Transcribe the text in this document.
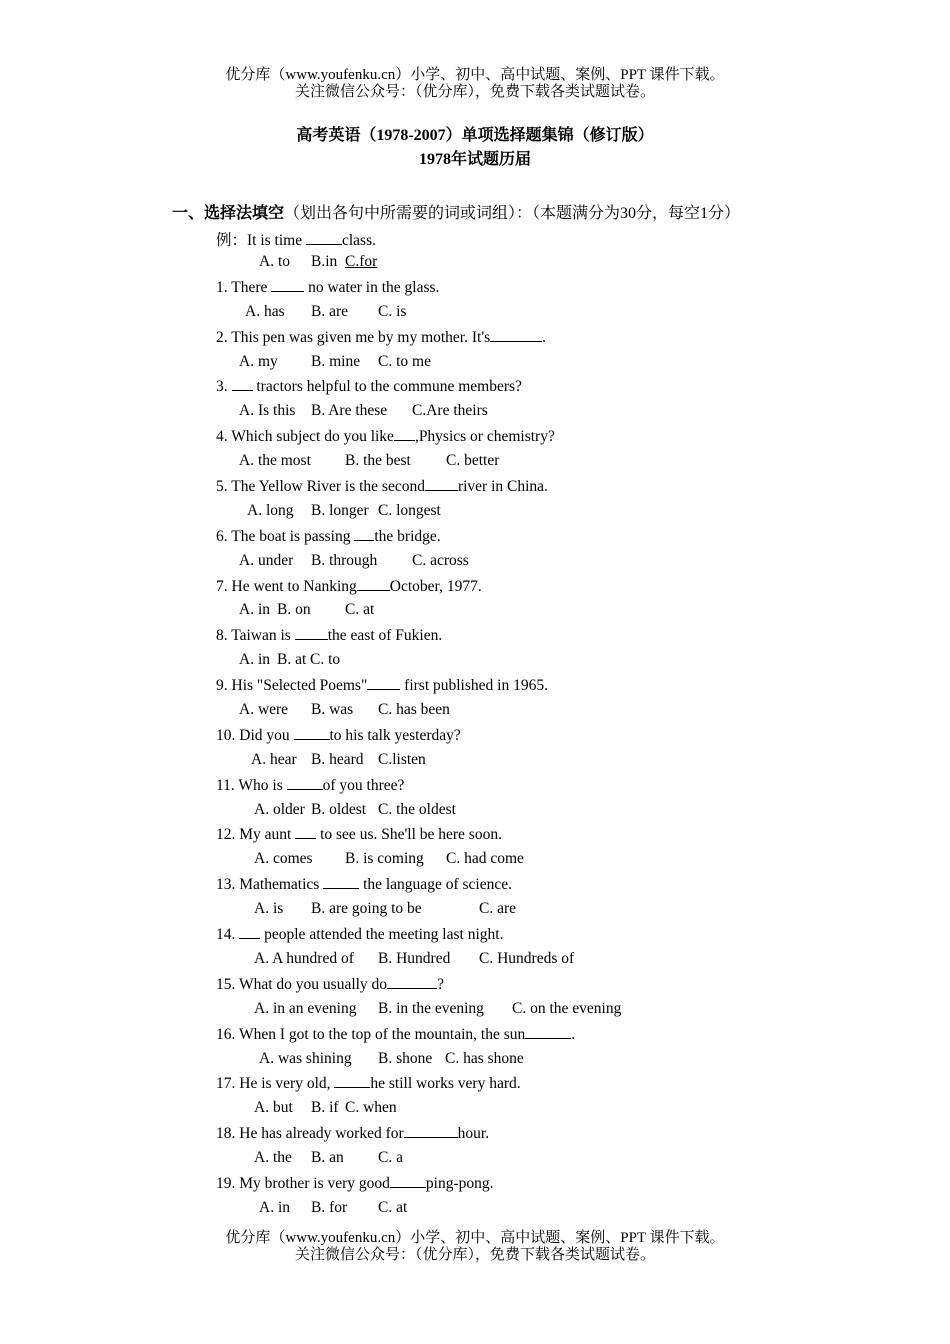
优分库（www.youfenku.cn）小学、初中、高中试题、案例、PPT 课件下载。
关注微信公众号：（优分库），免费下载各类试题试卷。
高考英语（1978-2007）单项选择题集锦（修订版）
1978年试题历届
一、选择法填空（划出各句中所需要的词或词组）：（本题满分为30分，每空1分）
例：It is time class.
A. to B.in C.for
1. There  no water in the glass.
A. has B. are C. is
2. This pen was given me by my mother. It's	.
A. my B. mine C. to me
3.  tractors helpful to the commune members?
A. Is this B. Are these C.Are theirs
4. Which subject do you like ,Physics or chemistry?
A. the most B. the best C. better
5. The Yellow River is the second river in China.
A. long B. longer C. longest
6. The boat is passing the bridge.
A. under B. through C. across
7. He went to Nanking October, 1977.
A. in B. on C. at
8. Taiwan is the east of Fukien.
A. in B. at C. to
9. His "Selected Poems" first published in 1965.
A. were B. was C. has been
10. Did you to his talk yesterday?
A. hear B. heard C.listen
11. Who is of you three?
A. older B. oldest C. the oldest
12. My aunt  to see us. She'll be here soon.
A. comes B. is coming C. had come
13. Mathematics  the language of science.
A. is B. are going to be	C. are
14.  people attended the meeting last night.
A. A hundred of B. Hundred C. Hundreds of
15. What do you usually do	?
A. in an evening B. in the evening C. on the evening
16. When I got to the top of the mountain, the sun	.
A. was shining B. shone C. has shone
17. He is very old, he still works very hard.
A. but B. if C. when
18. He has already worked for	hour.
A. the B. an C. a
19. My brother is very good ping-pong.
A. in B. for C. at
优分库（www.youfenku.cn）小学、初中、高中试题、案例、PPT 课件下载。
关注微信公众号：（优分库），免费下载各类试题试卷。
